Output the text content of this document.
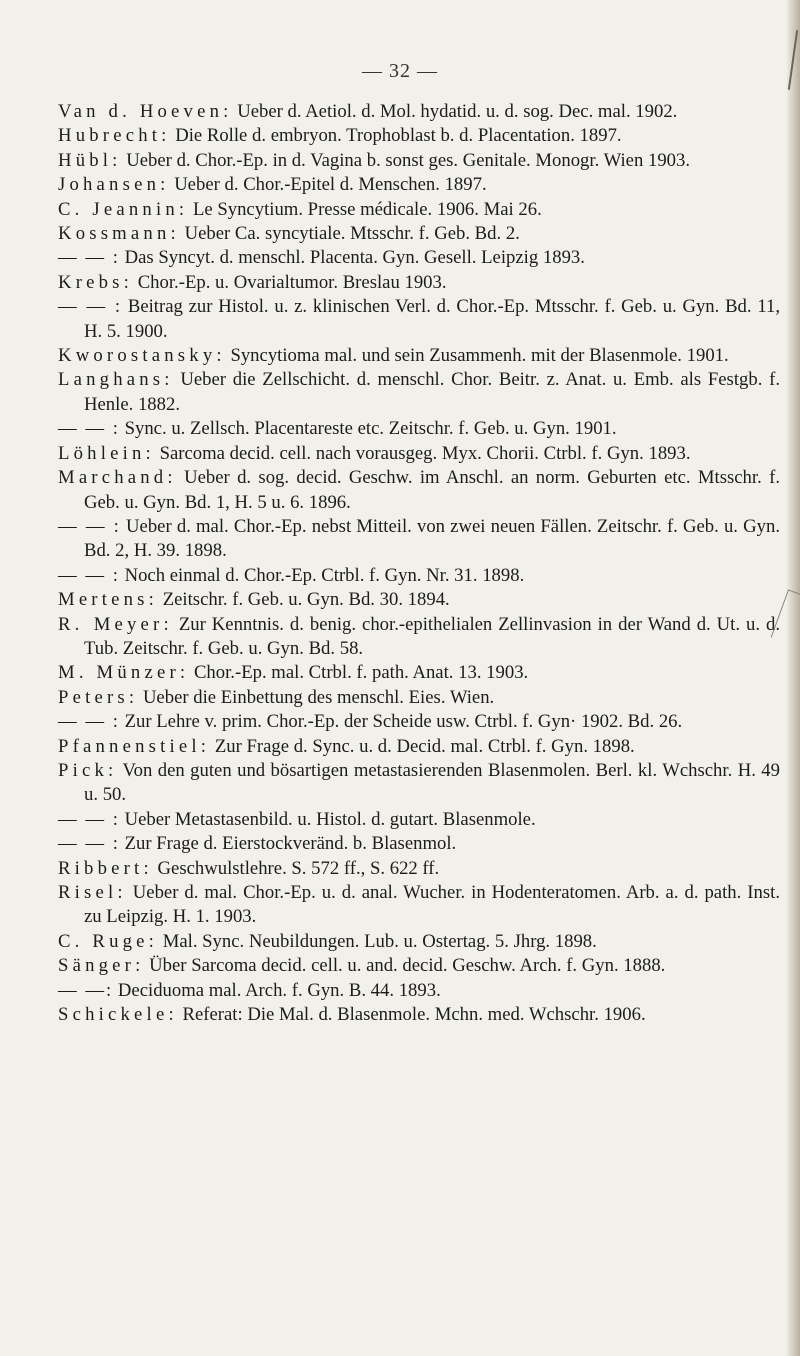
— 32 —
Van d. Hoeven: Ueber d. Aetiol. d. Mol. hydatid. u. d. sog. Dec. mal. 1902.
Hubrecht: Die Rolle d. embryon. Trophoblast b. d. Placentation. 1897.
Hübl: Ueber d. Chor.-Ep. in d. Vagina b. sonst ges. Genitale. Monogr. Wien 1903.
Johansen: Ueber d. Chor.-Epitel d. Menschen. 1897.
C. Jeannin: Le Syncytium. Presse médicale. 1906. Mai 26.
Kossmann: Ueber Ca. syncytiale. Mtsschr. f. Geb. Bd. 2.
— — : Das Syncyt. d. menschl. Placenta. Gyn. Gesell. Leipzig 1893.
Krebs: Chor.-Ep. u. Ovarialtumor. Breslau 1903.
— — : Beitrag zur Histol. u. z. klinischen Verl. d. Chor.-Ep. Mtsschr. f. Geb. u. Gyn. Bd. 11, H. 5. 1900.
Kworostansky: Syncytioma mal. und sein Zusammenh. mit der Blasenmole. 1901.
Langhans: Ueber die Zellschicht. d. menschl. Chor. Beitr. z. Anat. u. Emb. als Festgb. f. Henle. 1882.
— — : Sync. u. Zellsch. Placentareste etc. Zeitschr. f. Geb. u. Gyn. 1901.
Löhlein: Sarcoma decid. cell. nach vorausgeg. Myx. Chorii. Ctrbl. f. Gyn. 1893.
Marchand: Ueber d. sog. decid. Geschw. im Anschl. an norm. Geburten etc. Mtsschr. f. Geb. u. Gyn. Bd. 1, H. 5 u. 6. 1896.
— — : Ueber d. mal. Chor.-Ep. nebst Mitteil. von zwei neuen Fällen. Zeitschr. f. Geb. u. Gyn. Bd. 2, H. 39. 1898.
— — : Noch einmal d. Chor.-Ep. Ctrbl. f. Gyn. Nr. 31. 1898.
Mertens: Zeitschr. f. Geb. u. Gyn. Bd. 30. 1894.
R. Meyer: Zur Kenntnis. d. benig. chor.-epithelialen Zellinvasion in der Wand d. Ut. u. d. Tub. Zeitschr. f. Geb. u. Gyn. Bd. 58.
M. Münzer: Chor.-Ep. mal. Ctrbl. f. path. Anat. 13. 1903.
Peters: Ueber die Einbettung des menschl. Eies. Wien.
— — : Zur Lehre v. prim. Chor.-Ep. der Scheide usw. Ctrbl. f. Gyn· 1902. Bd. 26.
Pfannenstiel: Zur Frage d. Sync. u. d. Decid. mal. Ctrbl. f. Gyn. 1898.
Pick: Von den guten und bösartigen metastasierenden Blasenmolen. Berl. kl. Wchschr. H. 49 u. 50.
— — : Ueber Metastasenbild. u. Histol. d. gutart. Blasenmole.
— — : Zur Frage d. Eierstockveränd. b. Blasenmol.
Ribbert: Geschwulstlehre. S. 572 ff., S. 622 ff.
Risel: Ueber d. mal. Chor.-Ep. u. d. anal. Wucher. in Hodenteratomen. Arb. a. d. path. Inst. zu Leipzig. H. 1. 1903.
C. Ruge: Mal. Sync. Neubildungen. Lub. u. Ostertag. 5. Jhrg. 1898.
Sänger: Über Sarcoma decid. cell. u. and. decid. Geschw. Arch. f. Gyn. 1888.
— —: Deciduoma mal. Arch. f. Gyn. B. 44. 1893.
Schickele: Referat: Die Mal. d. Blasenmole. Mchn. med. Wchschr. 1906.
